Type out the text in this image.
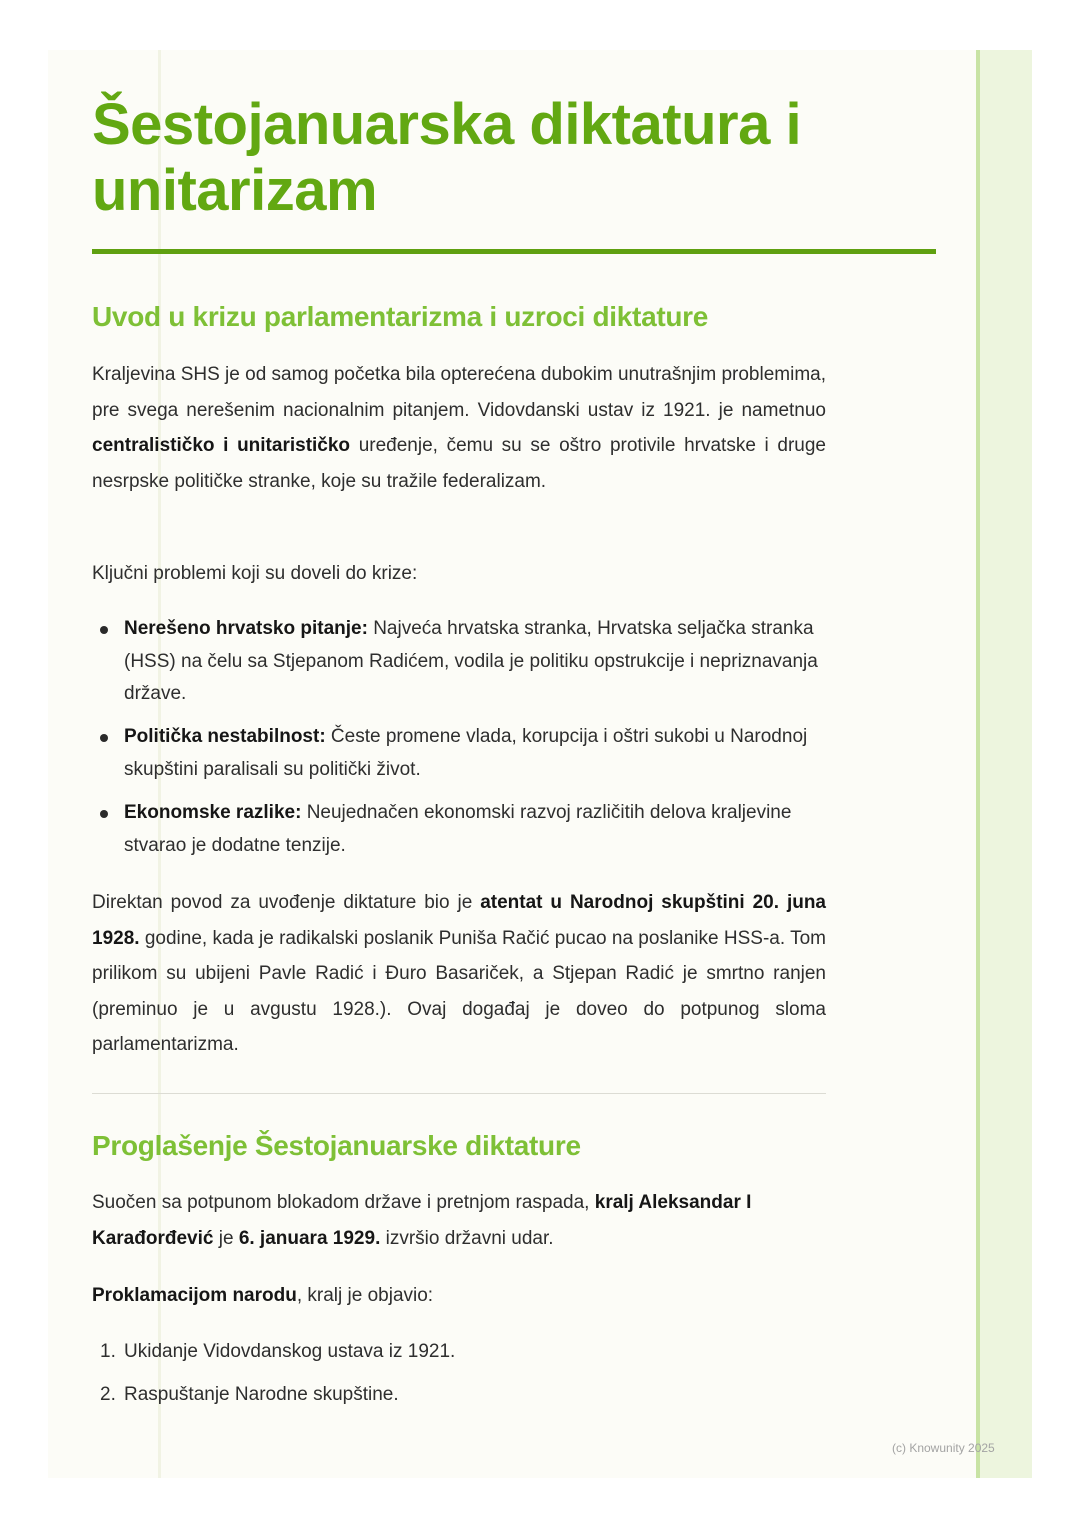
Šestojanuarska diktatura i unitarizam
Uvod u krizu parlamentarizma i uzroci diktature

Kraljevina SHS je od samog početka bila opterećena dubokim unutrašnjim problemima, pre svega nerešenim nacionalnim pitanjem. Vidovdanski ustav iz 1921. je nametnuo centralističko i unitarističko uređenje, čemu su se oštro protivile hrvatske i druge nesrpske političke stranke, koje su tražile federalizam.

Ključni problemi koji su doveli do krize:

Nerešeno hrvatsko pitanje: Najveća hrvatska stranka, Hrvatska seljačka stranka (HSS) na čelu sa Stjepanom Radićem, vodila je politiku opstrukcije i nepriznavanja države.

Politička nestabilnost: Česte promene vlada, korupcija i oštri sukobi u Narodnoj skupštini paralisali su politički život.

Ekonomske razlike: Neujednačen ekonomski razvoj različitih delova kraljevine stvarao je dodatne tenzije.

Direktan povod za uvođenje diktature bio je atentat u Narodnoj skupštini 20. juna 1928. godine, kada je radikalski poslanik Puniša Račić pucao na poslanike HSS-a. Tom prilikom su ubijeni Pavle Radić i Đuro Basariček, a Stjepan Radić je smrtno ranjen (preminuo je u avgustu 1928.). Ovaj događaj je doveo do potpunog sloma parlamentarizma.

Proglašenje Šestojanuarske diktature

Suočen sa potpunom blokadom države i pretnjom raspada, kralj Aleksandar I Karađorđević je 6. januara 1929. izvršio državni udar.

Proklamacijom narodu, kralj je objavio:

1. Ukidanje Vidovdanskog ustava iz 1921.
2. Raspuštanje Narodne skupštine.
(c) Knowunity 2025
